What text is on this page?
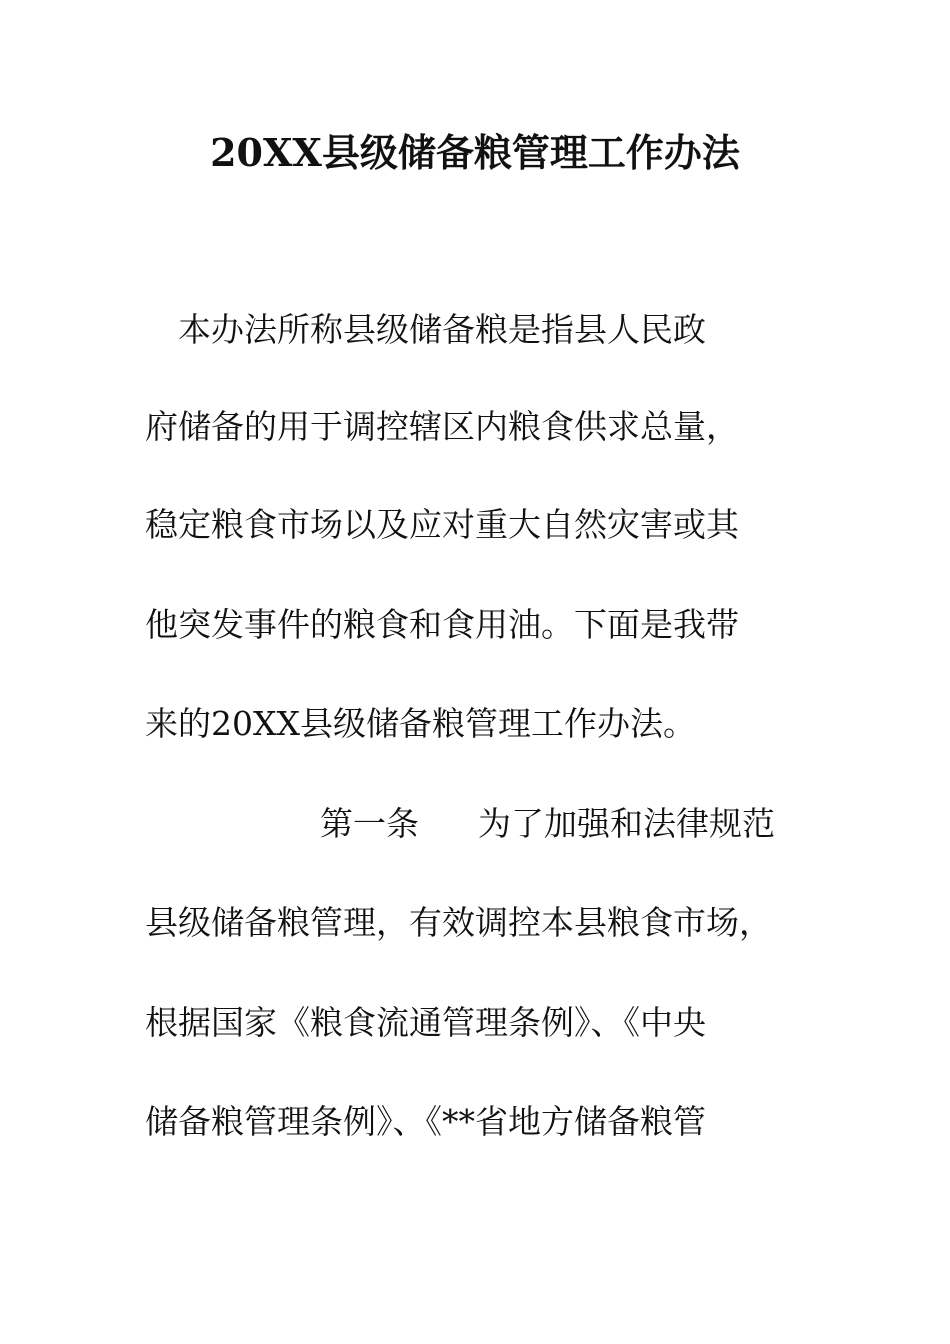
20XX县级储备粮管理工作办法
　本办法所称县级储备粮是指县人民政
府储备的用于调控辖区内粮食供求总量，
稳定粮食市场以及应对重大自然灾害或其
他突发事件的粮食和食用油。下面是我带
来的20XX县级储备粮管理工作办法。
第一条 为了加强和法律规范
县级储备粮管理，有效调控本县粮食市场，
根据国家《粮食流通管理条例》、《中央
储备粮管理条例》、《**省地方储备粮管
